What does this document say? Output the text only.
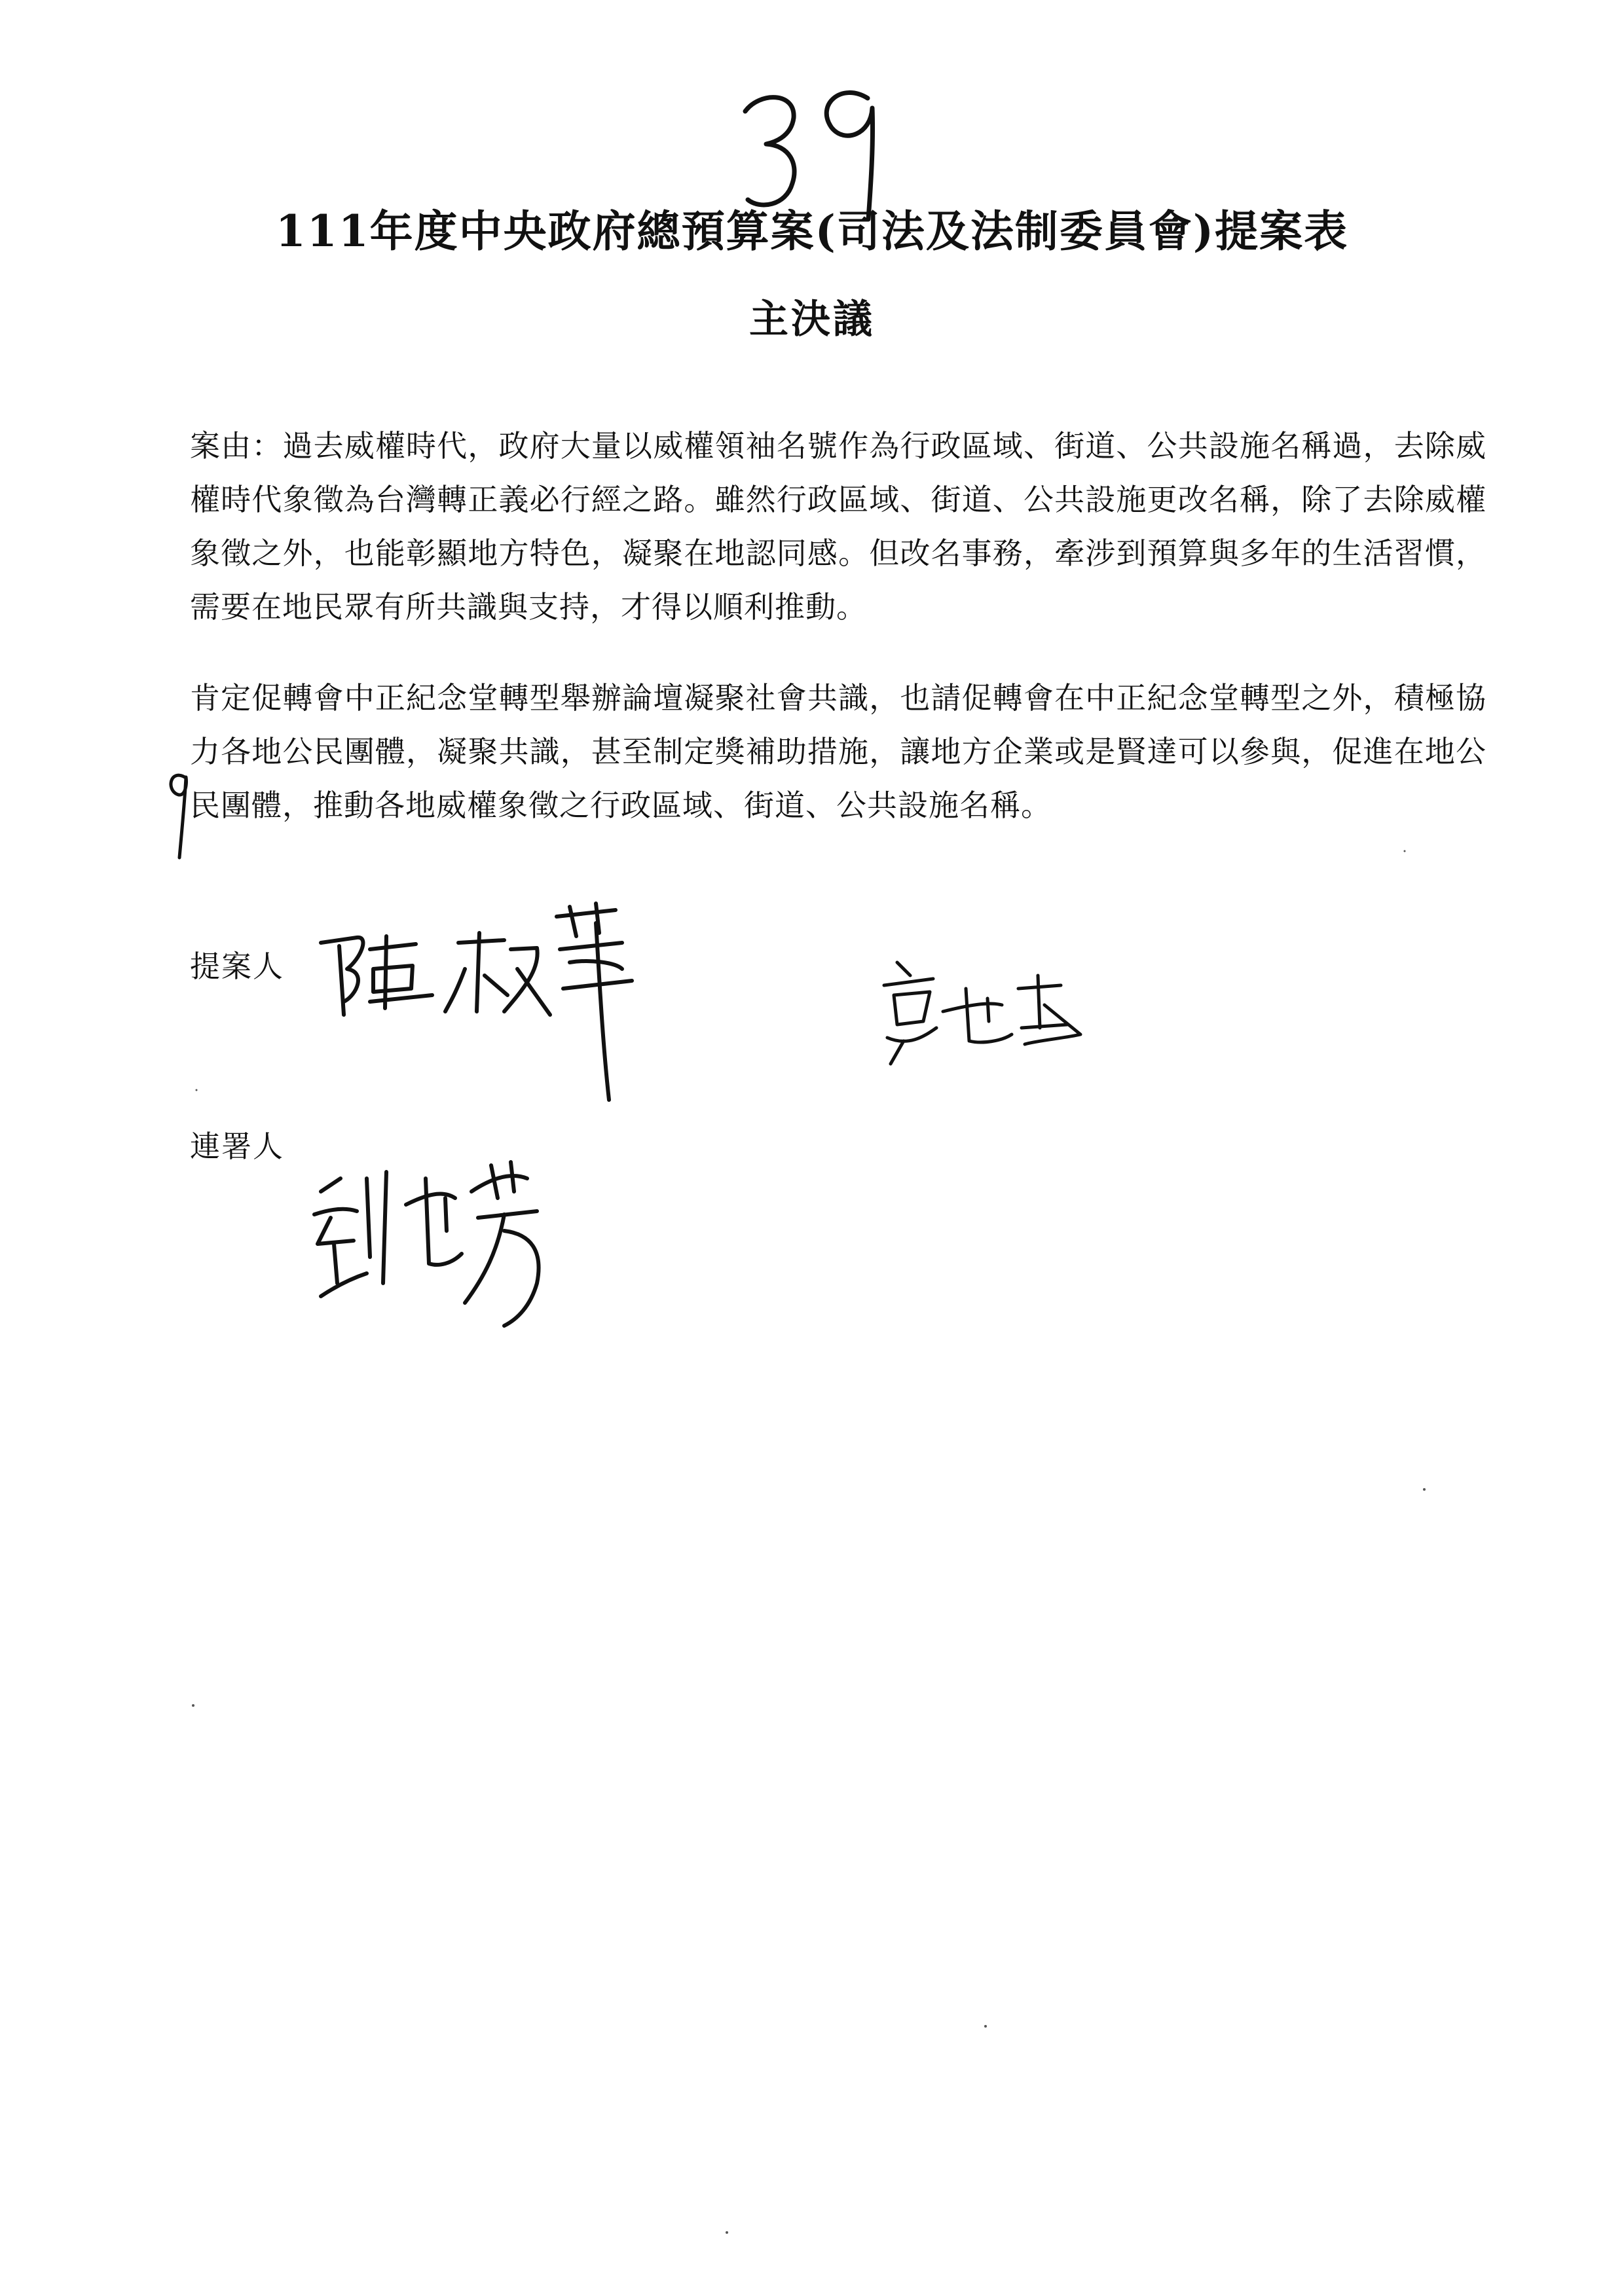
111年度中央政府總預算案(司法及法制委員會)提案表
主決議
案由：過去威權時代，政府大量以威權領袖名號作為行政區域、街道、公共設施名稱過，去除威權時代象徵為台灣轉正義必行經之路。雖然行政區域、街道、公共設施更改名稱，除了去除威權象徵之外，也能彰顯地方特色，凝聚在地認同感。但改名事務，牽涉到預算與多年的生活習慣，需要在地民眾有所共識與支持，才得以順利推動。
肯定促轉會中正紀念堂轉型舉辦論壇凝聚社會共識，也請促轉會在中正紀念堂轉型之外，積極協力各地公民團體，凝聚共識，甚至制定獎補助措施，讓地方企業或是賢達可以參與，促進在地公民團體，推動各地威權象徵之行政區域、街道、公共設施名稱。
提案人
連署人
